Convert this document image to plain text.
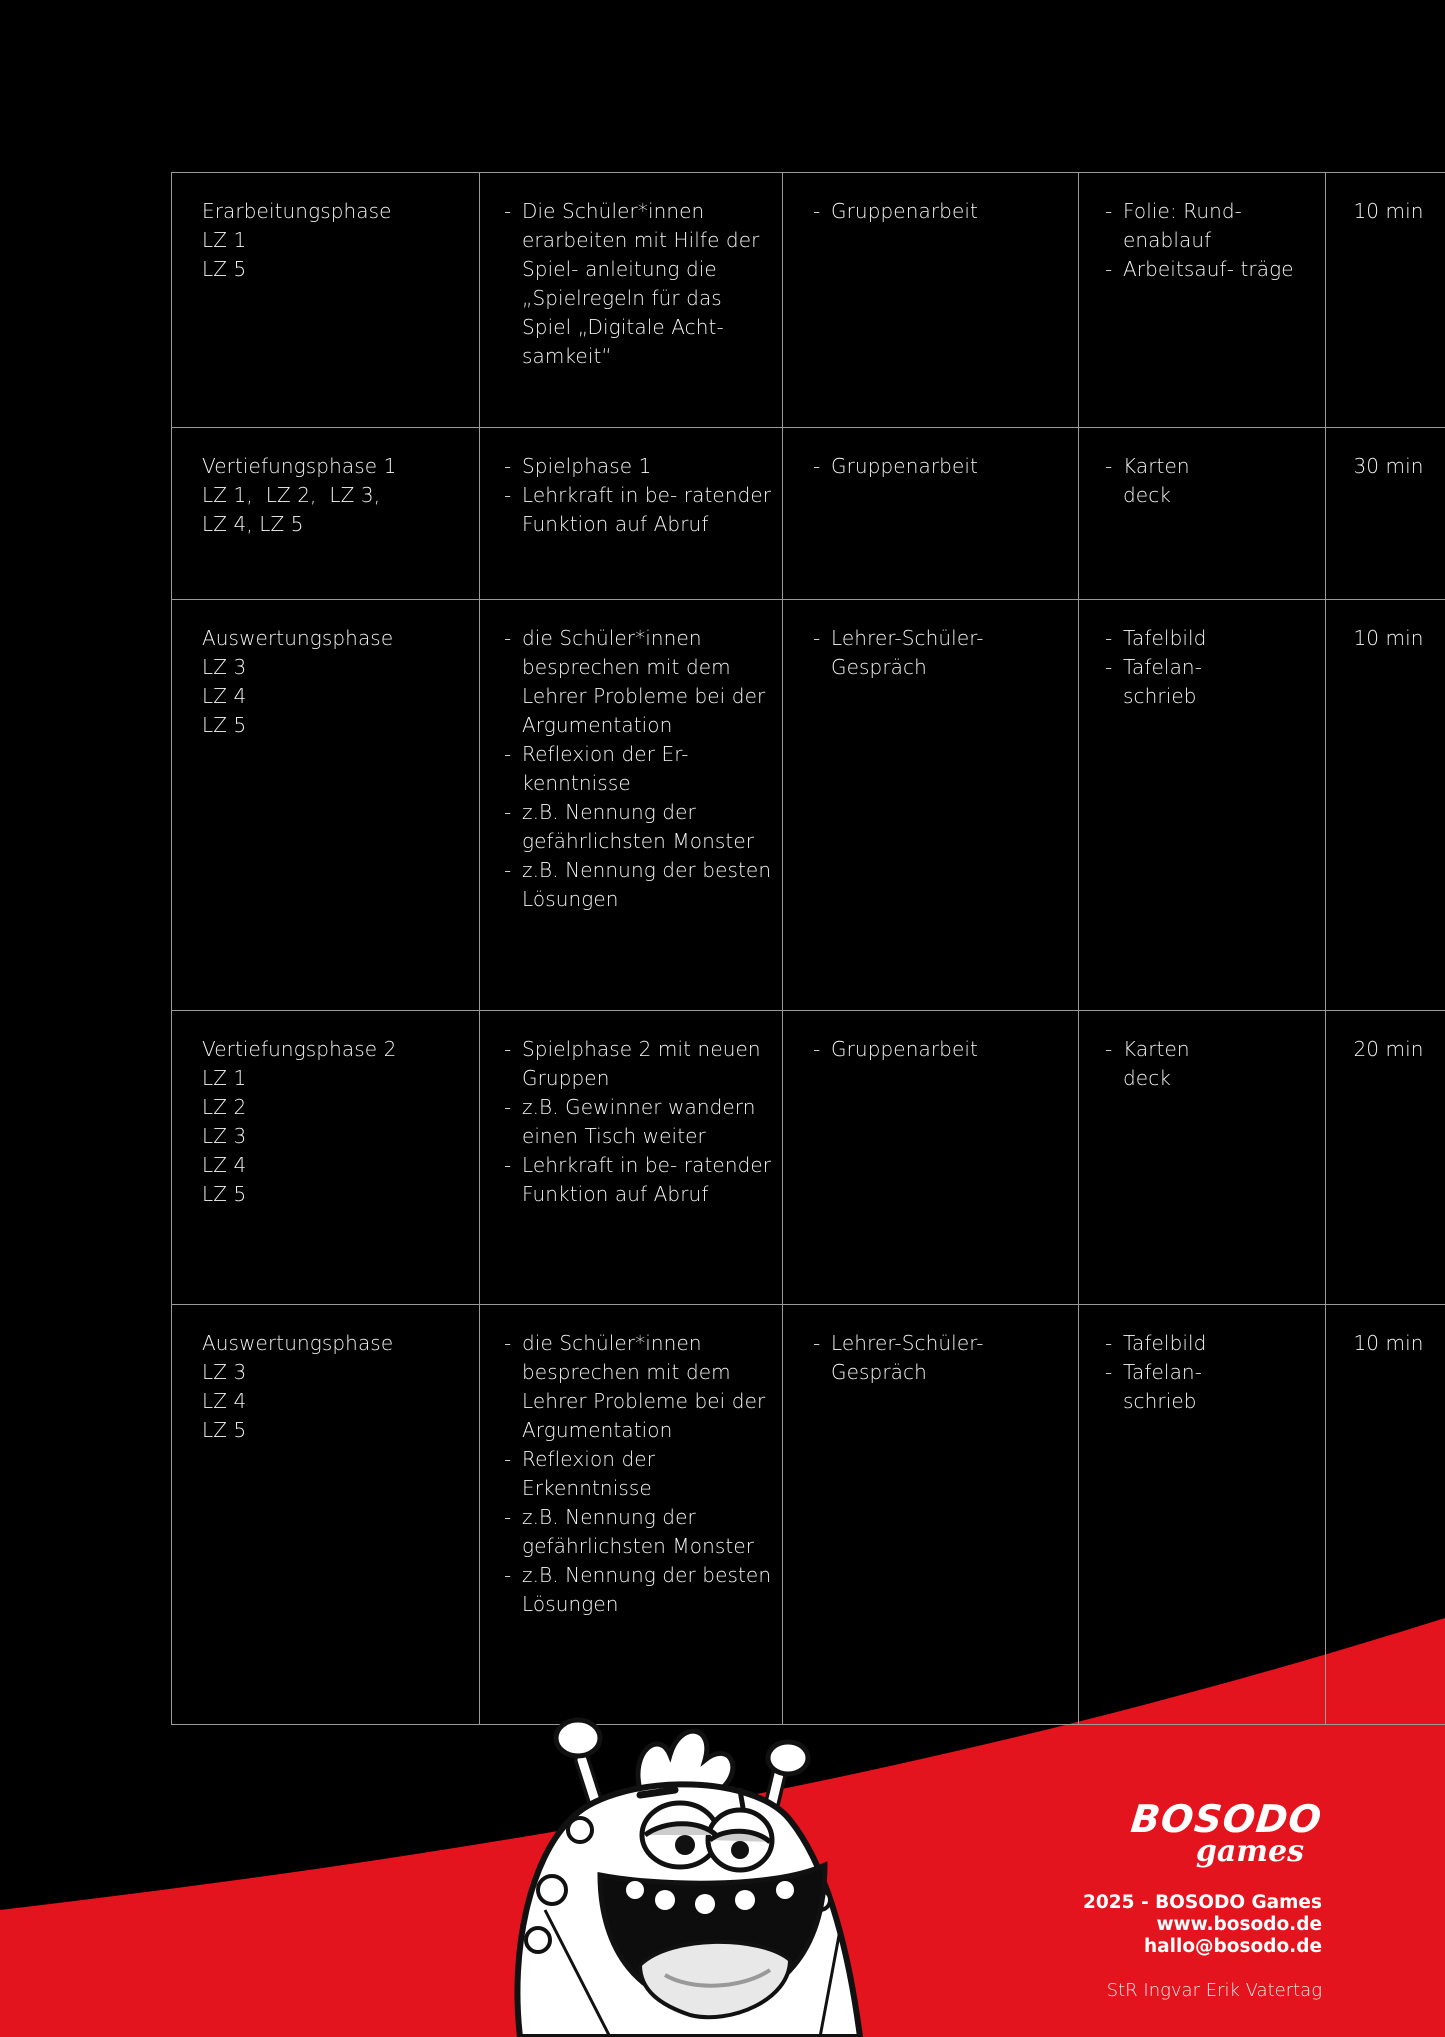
Erarbeitungsphase
LZ 1
LZ 5

- Die Schüler*innen erarbeiten mit Hilfe der Spiel- anleitung die „Spielregeln für das Spiel „Digitale Acht- samkeit“

- Gruppenarbeit

-Folie: Rund- enablauf
- Arbeitsauf- träge
	10 min

Vertiefungsphase 1
LZ 1,  LZ 2,  LZ 3,
LZ 4, LZ 5

- Spielphase 1
- Lehrkraft in be- ratender Funktion auf Abruf

- Gruppenarbeit

-Karten deck
	30 min

Auswertungsphase
LZ 3
LZ 4
LZ 5

- die Schüler*innen besprechen mit dem Lehrer Probleme bei der Argumentation
- Reflexion der Er- kenntnisse
- z.B. Nennung der gefährlichsten Monster
- z.B. Nennung der besten Lösungen

- Lehrer-Schüler- Gespräch

- Tafelbild
- Tafelan- schrieb
	10 min

Vertiefungsphase 2
LZ 1
LZ 2
LZ 3
LZ 4
LZ 5

- Spielphase 2 mit neuen Gruppen
- z.B. Gewinner wandern einen Tisch weiter
- Lehrkraft in be- ratender Funktion auf Abruf

- Gruppenarbeit

-Karten deck
	20 min

Auswertungsphase
LZ 3
LZ 4
LZ 5

- die Schüler*innen besprechen mit dem Lehrer Probleme bei der Argumentation
- Reflexion der Erkenntnisse
- z.B. Nennung der gefährlichsten Monster
- z.B. Nennung der besten Lösungen

- Lehrer-Schüler- Gespräch

- Tafelbild
- Tafelan- schrieb
	10 min
BOSODO
games
2025 - BOSODO Games
www.bosodo.de
hallo@bosodo.de
StR Ingvar Erik Vatertag
